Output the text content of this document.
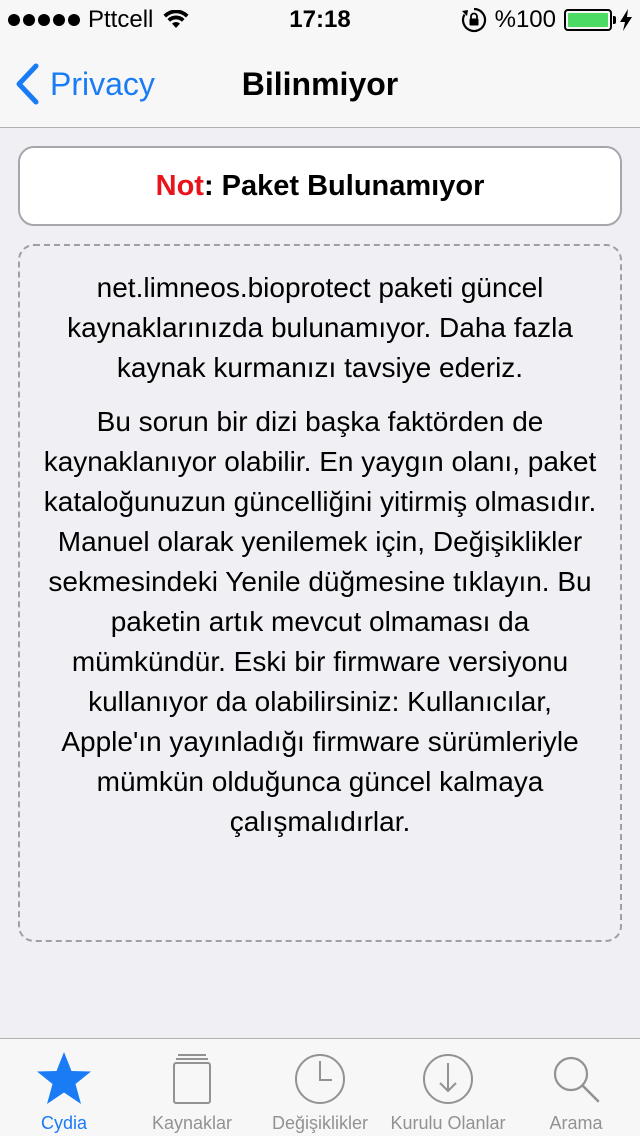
Pttcell	17:18	%100
Privacy	Bilinmiyor
Not : Paket Bulunamıyor

net.limneos.bioprotect paketi güncel kaynaklarınızda bulunamıyor. Daha fazla kaynak kurmanızı tavsiye ederiz.

Bu sorun bir dizi başka faktörden de kaynaklanıyor olabilir. En yaygın olanı, paket kataloğunuzun güncelliğini yitirmiş olmasıdır. Manuel olarak yenilemek için, Değişiklikler sekmesindeki Yenile düğmesine tıklayın. Bu paketin artık mevcut olmaması da mümkündür. Eski bir firmware versiyonu kullanıyor da olabilirsiniz: Kullanıcılar, Apple'ın yayınladığı firmware sürümleriyle mümkün olduğunca güncel kalmaya çalışmalıdırlar.

Cydia	Kaynaklar	Değişiklikler	Kurulu Olanlar	Arama
